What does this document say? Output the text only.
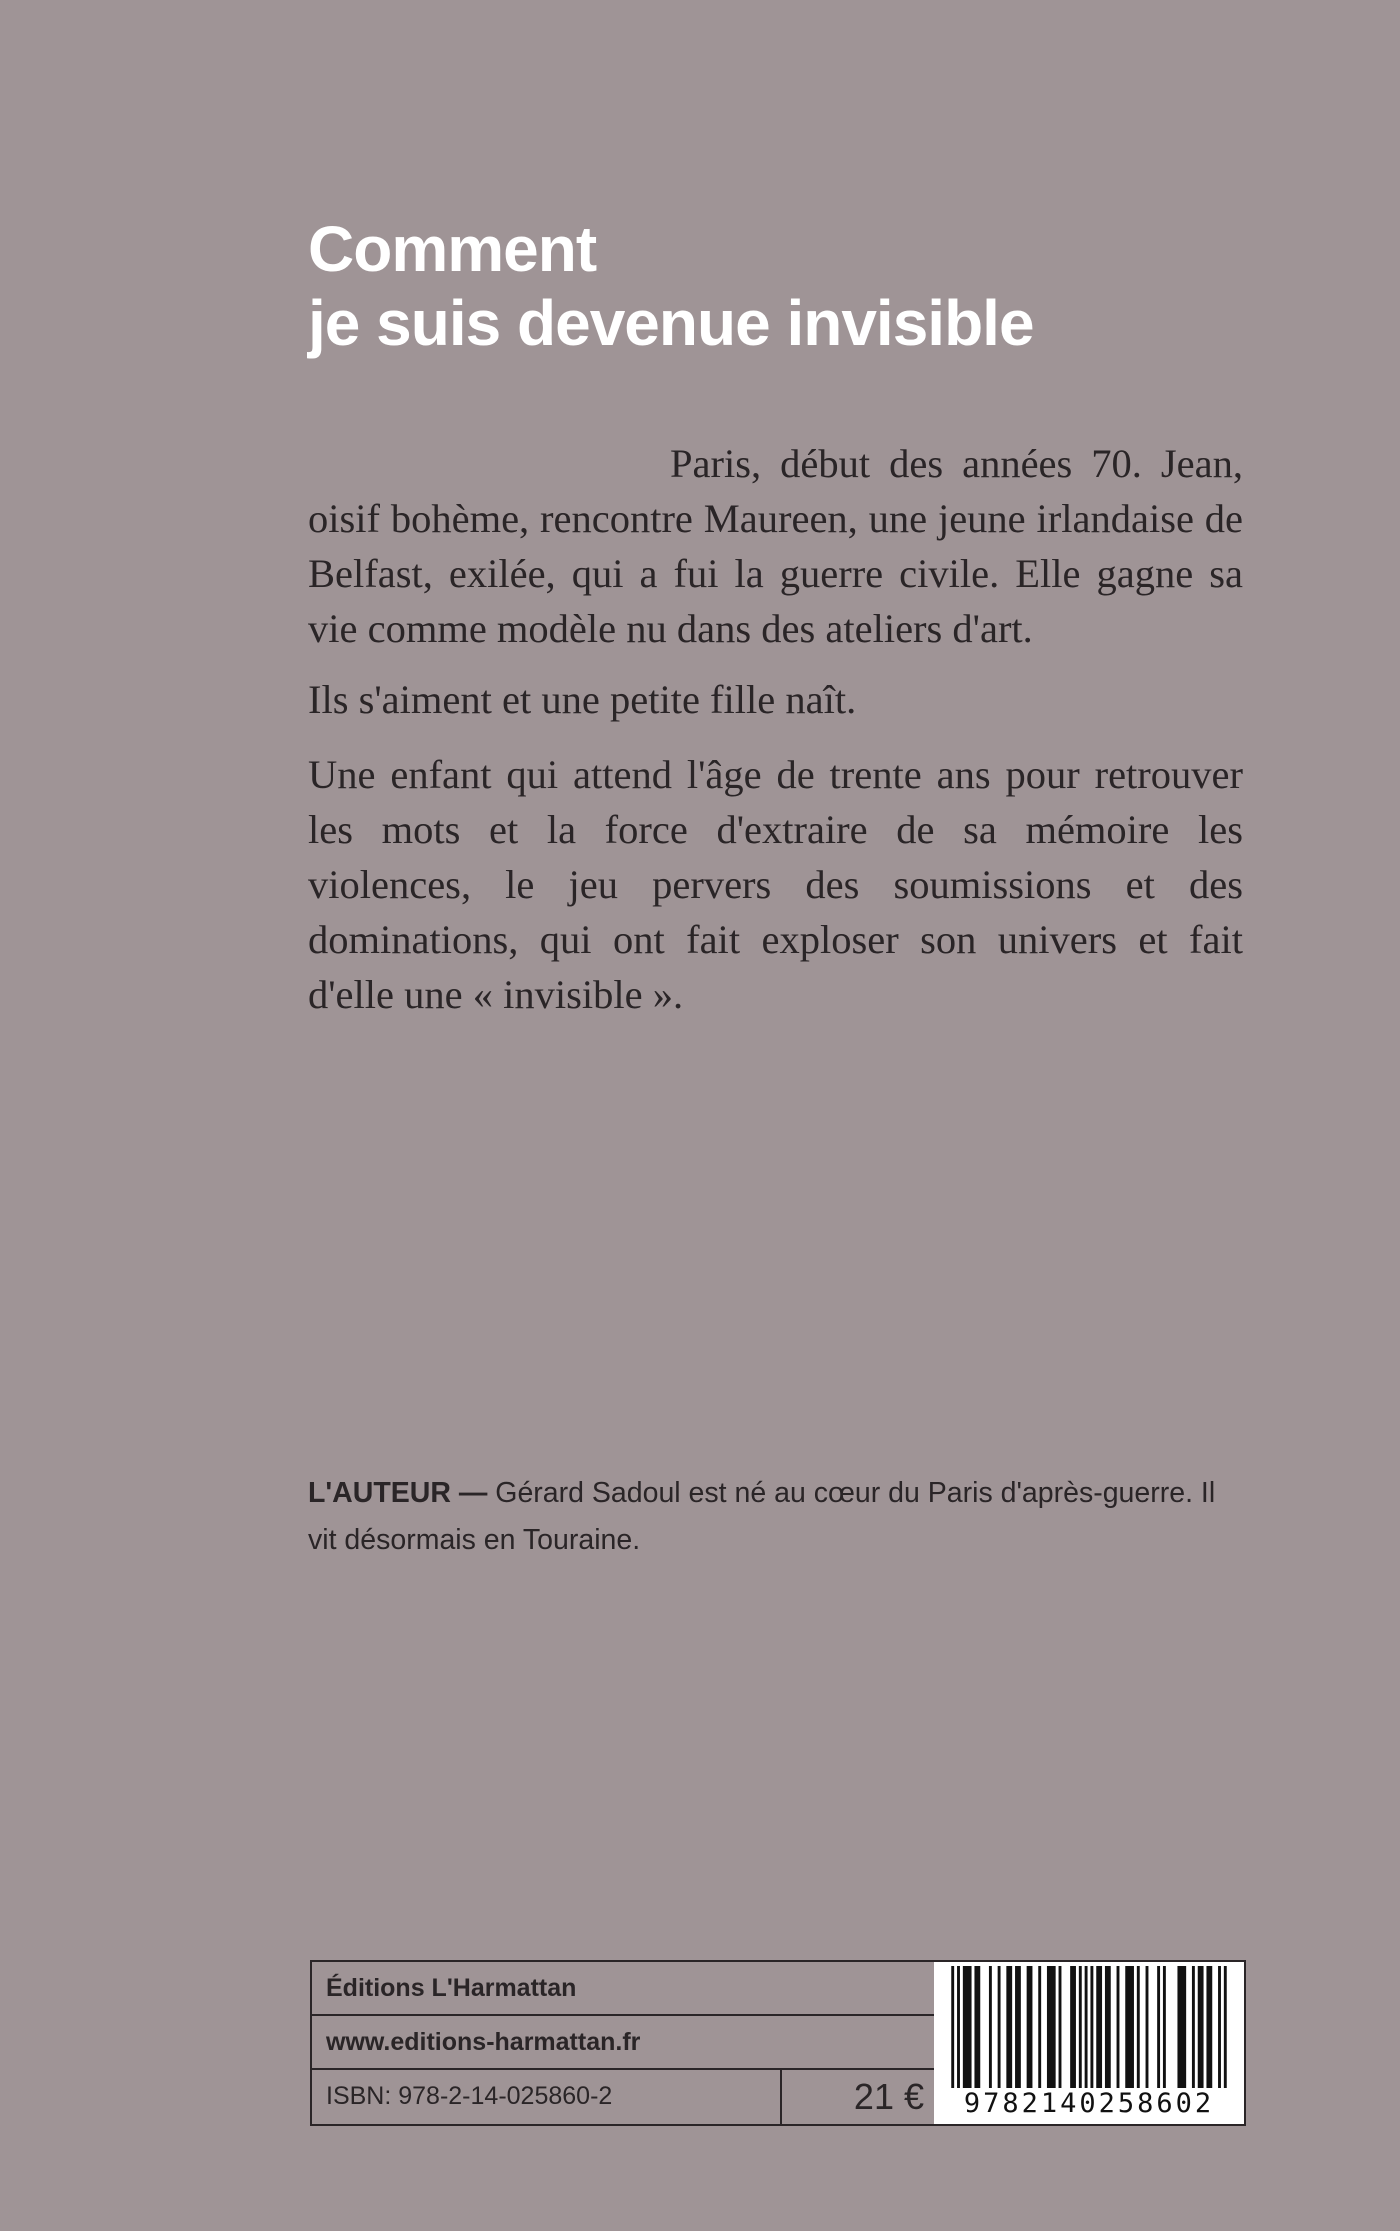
Comment
je suis devenue invisible

Paris, début des années 70. Jean, oisif bohème, rencontre Maureen, une jeune irlandaise de Belfast, exilée, qui a fui la guerre civile. Elle gagne sa vie comme modèle nu dans des ateliers d'art.

Ils s'aiment et une petite fille naît.

Une enfant qui attend l'âge de trente ans pour retrouver les mots et la force d'extraire de sa mémoire les violences, le jeu pervers des soumissions et des dominations, qui ont fait exploser son univers et fait d'elle une « invisible ».

L'AUTEUR — Gérard Sadoul est né au cœur du Paris d'après-guerre. Il vit désormais en Touraine.

Éditions L'Harmattan
www.editions-harmattan.fr
ISBN: 978-2-14-025860-2	21 €	9782140258602
